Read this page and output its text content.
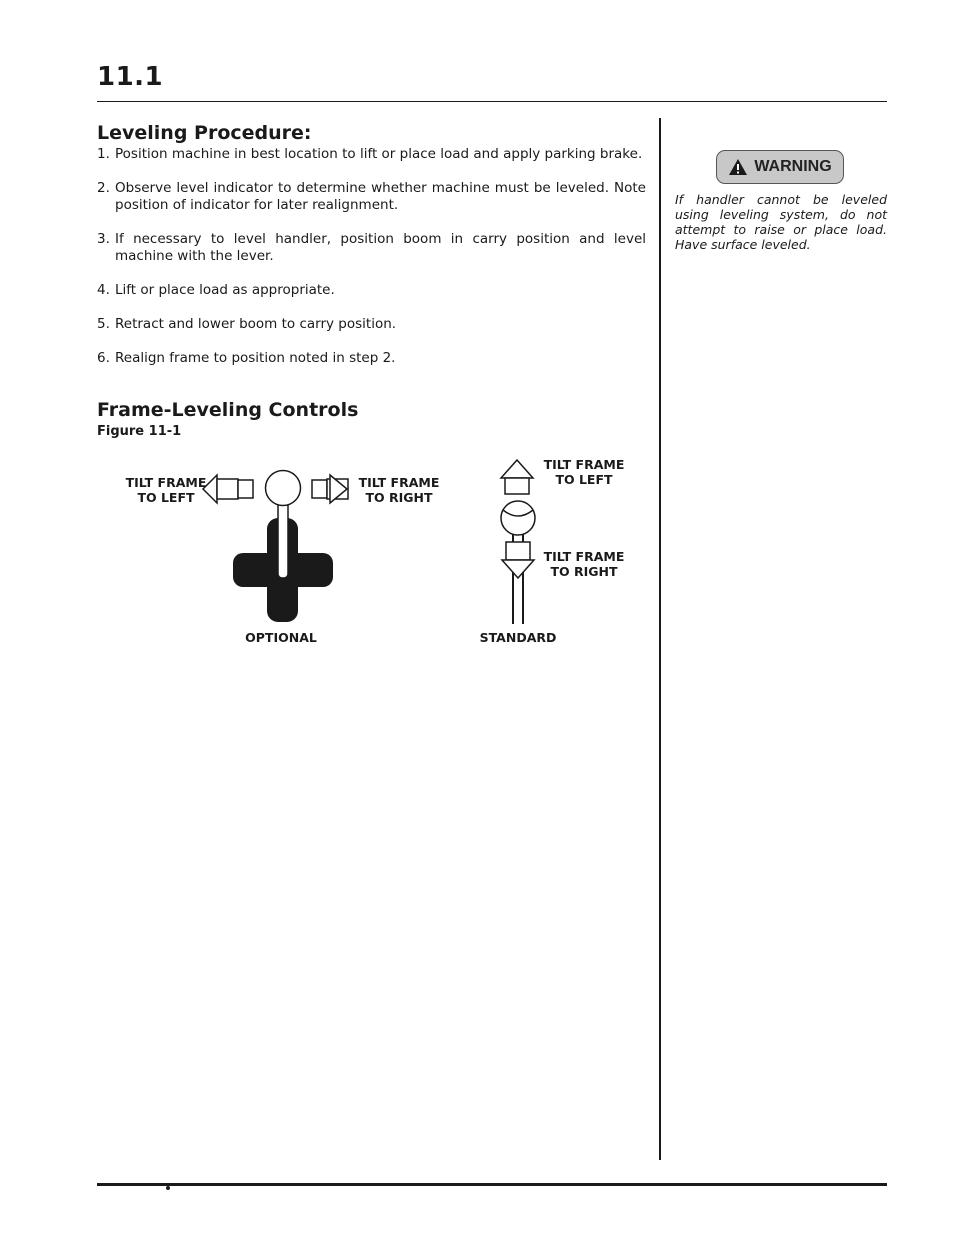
11.1
Leveling Procedure:
1. Position machine in best location to lift or place load and apply parking brake.
2. Observe level indicator to determine whether machine must be leveled. Note position of indicator for later realignment.
3. If necessary to level handler, position boom in carry position and level machine with the lever.
4. Lift or place load as appropriate.
5. Retract and lower boom to carry position.
6. Realign frame to position noted in step 2.
Frame-Leveling Controls
Figure 11-1
TILT FRAME
TO LEFT
TILT FRAME
TO RIGHT
OPTIONAL
TILT FRAME
TO LEFT
TILT FRAME
TO RIGHT
STANDARD
WARNING
If handler cannot be leveled using leveling system, do not attempt to raise or place load. Have surface leveled.
